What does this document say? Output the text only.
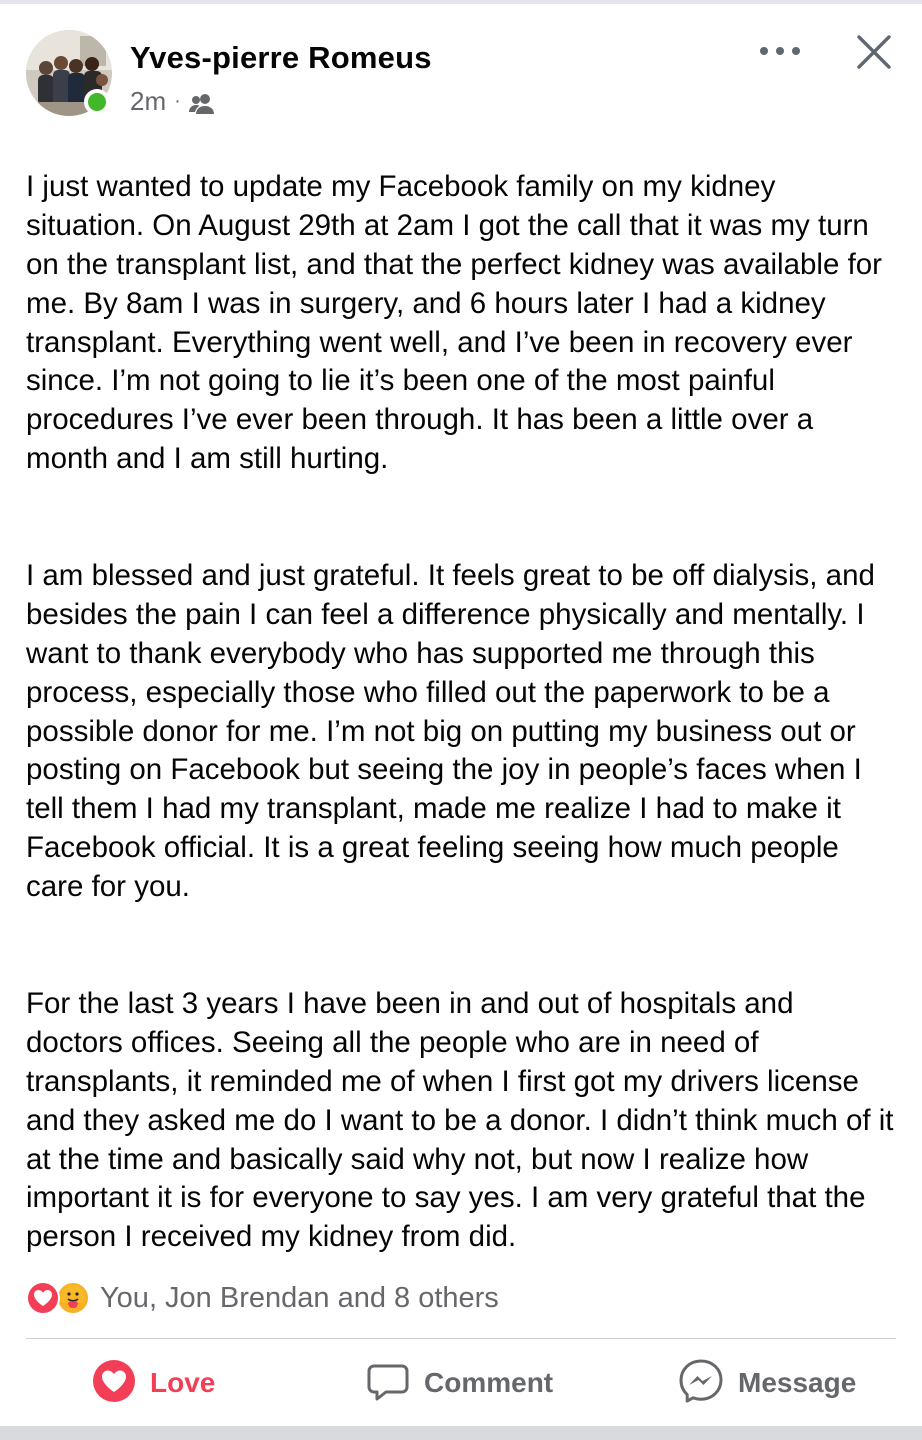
Yves-pierre Romeus
2m ·

I just wanted to update my Facebook family on my kidney situation. On August 29th at 2am I got the call that it was my turn on the transplant list, and that the perfect kidney was available for me. By 8am I was in surgery, and 6 hours later I had a kidney transplant. Everything went well, and I’ve been in recovery ever since. I’m not going to lie it’s been one of the most painful procedures I’ve ever been through. It has been a little over a month and I am still hurting.

I am blessed and just grateful. It feels great to be off dialysis, and besides the pain I can feel a difference physically and mentally. I want to thank everybody who has supported me through this process, especially those who filled out the paperwork to be a possible donor for me. I’m not big on putting my business out or posting on Facebook but seeing the joy in people’s faces when I tell them I had my transplant, made me realize I had to make it Facebook official. It is a great feeling seeing how much people care for you.

For the last 3 years I have been in and out of hospitals and doctors offices. Seeing all the people who are in need of transplants, it reminded me of when I first got my drivers license and they asked me do I want to be a donor. I didn’t think much of it at the time and basically said why not, but now I realize how important it is for everyone to say yes. I am very grateful that the person I received my kidney from did.

You, Jon Brendan and 8 others
Love	Comment	Message
